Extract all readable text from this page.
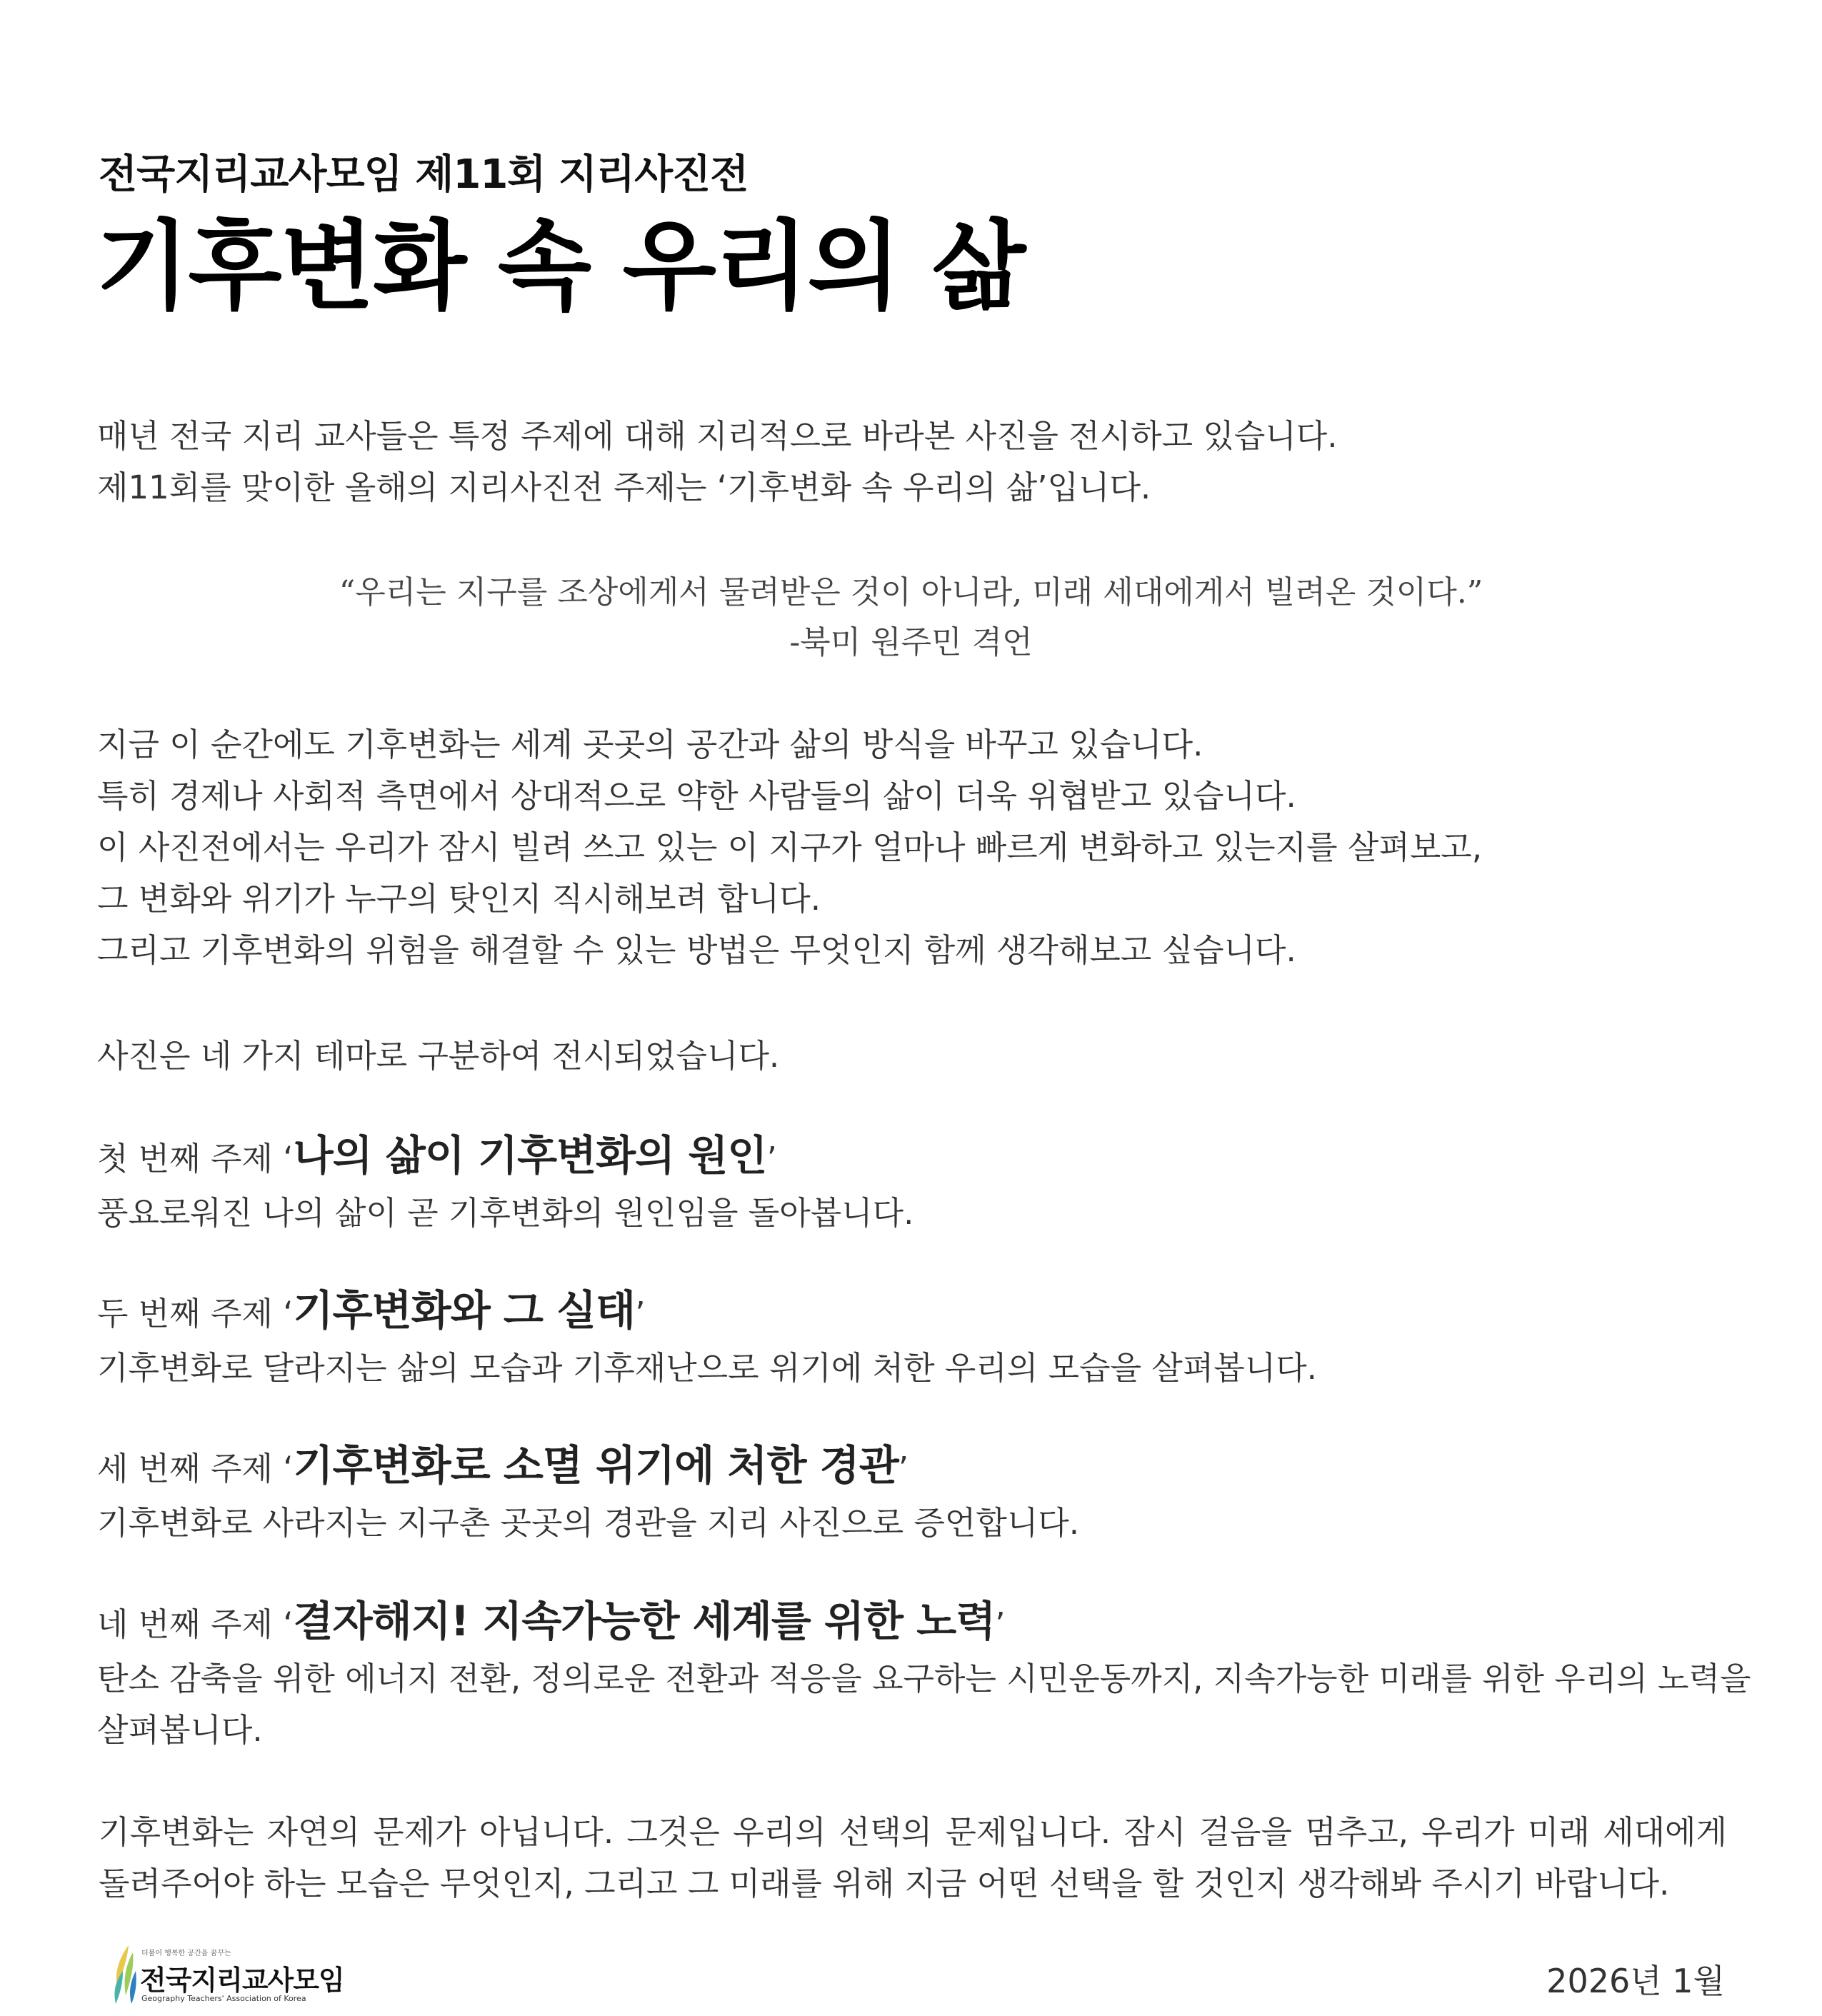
전국지리교사모임 제11회 지리사진전
기후변화 속 우리의 삶
매년 전국 지리 교사들은 특정 주제에 대해 지리적으로 바라본 사진을 전시하고 있습니다.
제11회를 맞이한 올해의 지리사진전 주제는 ‘기후변화 속 우리의 삶’입니다.
“우리는 지구를 조상에게서 물려받은 것이 아니라, 미래 세대에게서 빌려온 것이다.”
-북미 원주민 격언
지금 이 순간에도 기후변화는 세계 곳곳의 공간과 삶의 방식을 바꾸고 있습니다.
특히 경제나 사회적 측면에서 상대적으로 약한 사람들의 삶이 더욱 위협받고 있습니다.
이 사진전에서는 우리가 잠시 빌려 쓰고 있는 이 지구가 얼마나 빠르게 변화하고 있는지를 살펴보고,
그 변화와 위기가 누구의 탓인지 직시해보려 합니다.
그리고 기후변화의 위험을 해결할 수 있는 방법은 무엇인지 함께 생각해보고 싶습니다.
사진은 네 가지 테마로 구분하여 전시되었습니다.
첫 번째 주제 ‘나의 삶이 기후변화의 원인’
풍요로워진 나의 삶이 곧 기후변화의 원인임을 돌아봅니다.
두 번째 주제 ‘기후변화와 그 실태’
기후변화로 달라지는 삶의 모습과 기후재난으로 위기에 처한 우리의 모습을 살펴봅니다.
세 번째 주제 ‘기후변화로 소멸 위기에 처한 경관’
기후변화로 사라지는 지구촌 곳곳의 경관을 지리 사진으로 증언합니다.
네 번째 주제 ‘결자해지! 지속가능한 세계를 위한 노력’
탄소 감축을 위한 에너지 전환, 정의로운 전환과 적응을 요구하는 시민운동까지, 지속가능한 미래를 위한 우리의 노력을
살펴봅니다.
기후변화는 자연의 문제가 아닙니다. 그것은 우리의 선택의 문제입니다. 잠시 걸음을 멈추고, 우리가 미래 세대에게
돌려주어야 하는 모습은 무엇인지, 그리고 그 미래를 위해 지금 어떤 선택을 할 것인지 생각해봐 주시기 바랍니다.
더불어 행복한 공간을 꿈꾸는
전국지리교사모임
Geography Teachers' Association of Korea	2026년 1월
